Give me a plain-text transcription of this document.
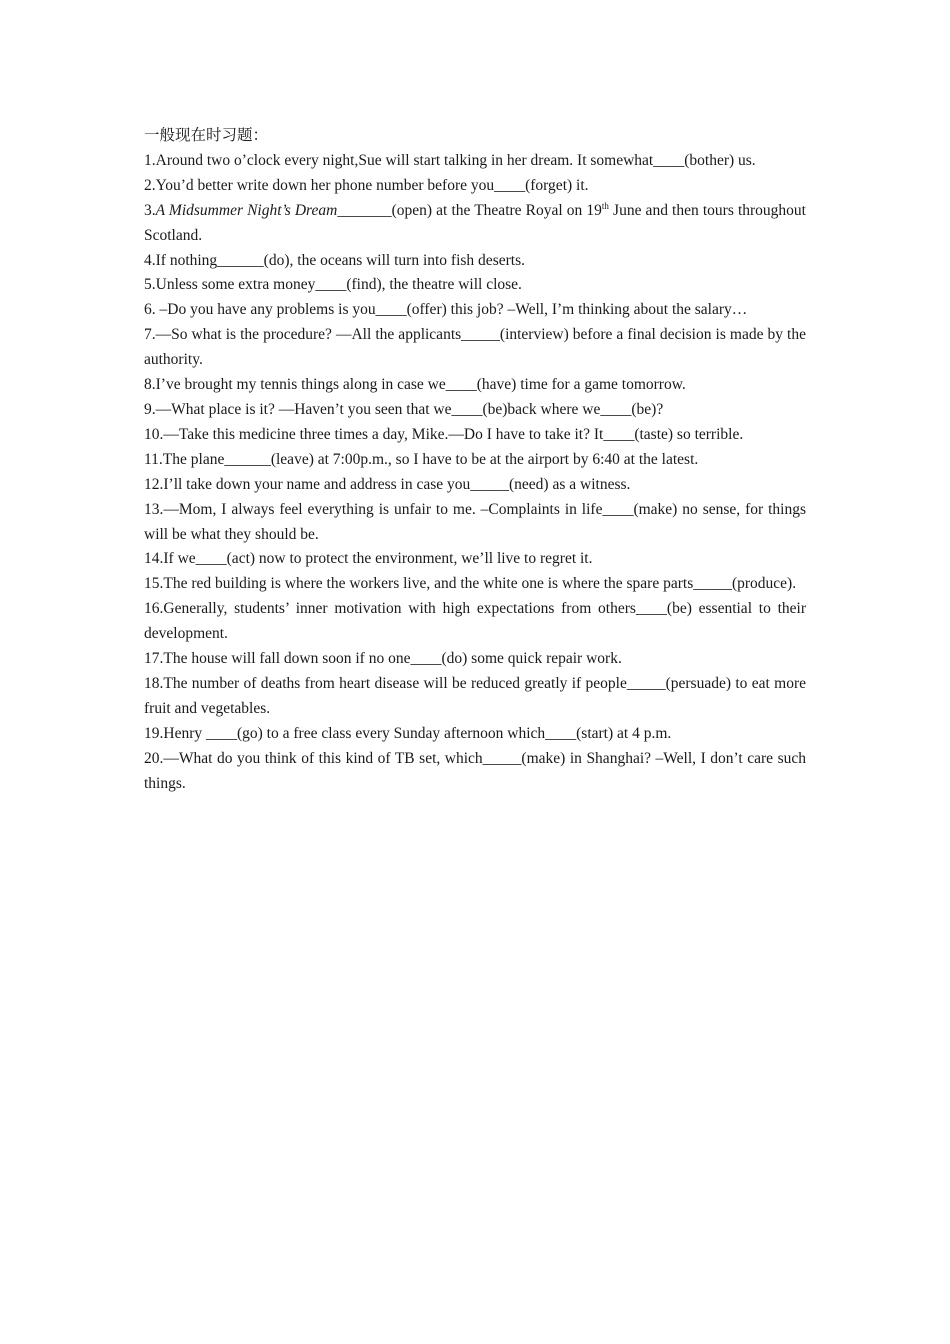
一般现在时习题：

1.Around two o’clock every night,Sue will start talking in her dream. It somewhat____(bother) us.

2.You’d better write down her phone number before you____(forget) it.

3.A Midsummer Night’s Dream_______(open) at the Theatre Royal on 19th June and then tours throughout Scotland.

4.If nothing______(do), the oceans will turn into fish deserts.

5.Unless some extra money____(find), the theatre will close.

6. –Do you have any problems is you____(offer) this job? –Well, I’m thinking about the salary…

7.—So what is the procedure? —All the applicants_____(interview) before a final decision is made by the authority.

8.I’ve brought my tennis things along in case we____(have) time for a game tomorrow.

9.—What place is it? —Haven’t you seen that we____(be)back where we____(be)?

10.—Take this medicine three times a day, Mike.—Do I have to take it? It____(taste) so terrible.

11.The plane______(leave) at 7:00p.m., so I have to be at the airport by 6:40 at the latest.

12.I’ll take down your name and address in case you_____(need) as a witness.

13.—Mom, I always feel everything is unfair to me. –Complaints in life____(make) no sense, for things will be what they should be.

14.If we____(act) now to protect the environment, we’ll live to regret it.

15.The red building is where the workers live, and the white one is where the spare parts_____(produce).

16.Generally, students’ inner motivation with high expectations from others____(be) essential to their development.

17.The house will fall down soon if no one____(do) some quick repair work.

18.The number of deaths from heart disease will be reduced greatly if people_____(persuade) to eat more fruit and vegetables.

19.Henry ____(go) to a free class every Sunday afternoon which____(start) at 4 p.m.

20.—What do you think of this kind of TB set, which_____(make) in Shanghai? –Well, I don’t care such things.
